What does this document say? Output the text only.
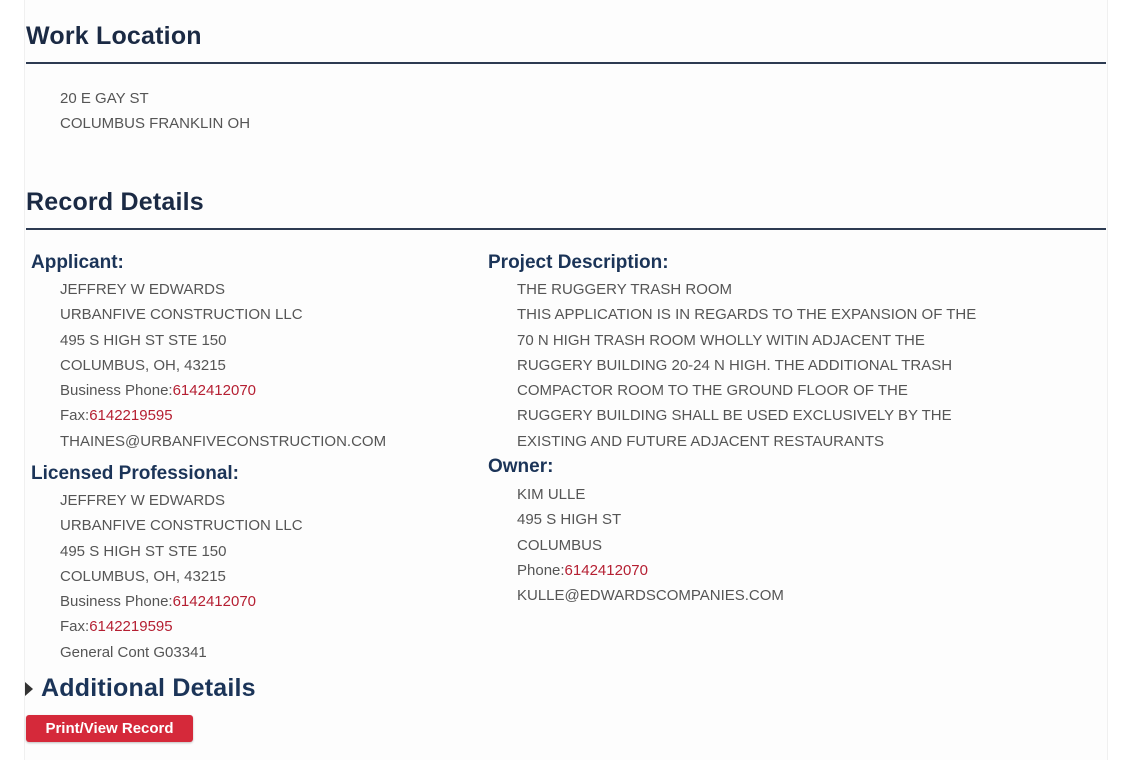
Work Location
20 E GAY ST
COLUMBUS FRANKLIN OH
Record Details
Applicant:
JEFFREY W EDWARDS
URBANFIVE CONSTRUCTION LLC
495 S HIGH ST STE 150
COLUMBUS, OH, 43215
Business Phone:6142412070
Fax:6142219595
THAINES@URBANFIVECONSTRUCTION.COM
Licensed Professional:
JEFFREY W EDWARDS
URBANFIVE CONSTRUCTION LLC
495 S HIGH ST STE 150
COLUMBUS, OH, 43215
Business Phone:6142412070
Fax:6142219595
General Cont G03341
Project Description:
THE RUGGERY TRASH ROOM
THIS APPLICATION IS IN REGARDS TO THE EXPANSION OF THE
70 N HIGH TRASH ROOM WHOLLY WITIN ADJACENT THE
RUGGERY BUILDING 20-24 N HIGH. THE ADDITIONAL TRASH
COMPACTOR ROOM TO THE GROUND FLOOR OF THE
RUGGERY BUILDING SHALL BE USED EXCLUSIVELY BY THE
EXISTING AND FUTURE ADJACENT RESTAURANTS
Owner:
KIM ULLE
495 S HIGH ST
COLUMBUS
Phone:6142412070
KULLE@EDWARDSCOMPANIES.COM
Additional Details
Print/View Record
